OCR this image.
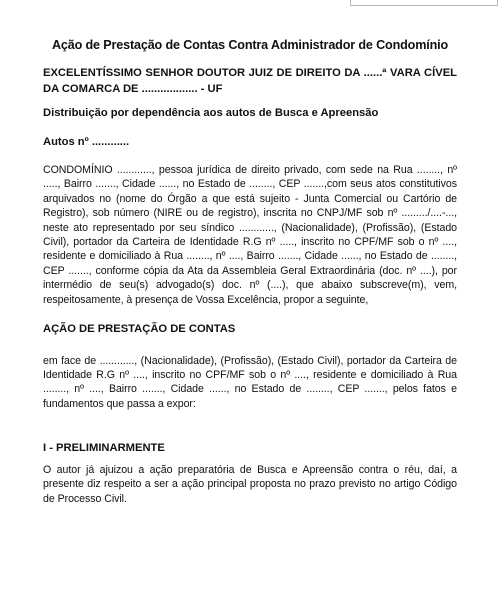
Ação de Prestação de Contas Contra Administrador de Condomínio
EXCELENTÍSSIMO SENHOR DOUTOR JUIZ DE DIREITO DA ......ª VARA CÍVEL DA COMARCA DE .................. - UF
Distribuição por dependência aos autos de Busca e Apreensão
Autos nº ............

CONDOMÍNIO ............, pessoa jurídica de direito privado, com sede na Rua ........, nº ....., Bairro ......., Cidade ......, no Estado de ........, CEP .......,com seus atos constitutivos arquivados no (nome do Órgão a que está sujeito - Junta Comercial ou Cartório de Registro), sob número (NIRE ou de registro), inscrita no CNPJ/MF sob nº ........./....-..., neste ato representado por seu síndico ............, (Nacionalidade), (Profissão), (Estado Civil), portador da Carteira de Identidade R.G nº ....., inscrito no CPF/MF sob o nº ...., residente e domiciliado à Rua ........, nº ...., Bairro ......., Cidade ......, no Estado de ........, CEP ......., conforme cópia da Ata da Assembleia Geral Extraordinária (doc. nº ....), por intermédio de seu(s) advogado(s) doc. nº (....), que abaixo subscreve(m), vem, respeitosamente, à presença de Vossa Excelência, propor a seguinte,

AÇÃO DE PRESTAÇÃO DE CONTAS

em face de ............, (Nacionalidade), (Profissão), (Estado Civil), portador da Carteira de Identidade R.G nº ...., inscrito no CPF/MF sob o nº ...., residente e domiciliado à Rua ........, nº ...., Bairro ......., Cidade ......, no Estado de ........, CEP ......., pelos fatos e fundamentos que passa a expor:

I - PRELIMINARMENTE

O autor já ajuizou a ação preparatória de Busca e Apreensão contra o réu, daí, a presente diz respeito a ser a ação principal proposta no prazo previsto no artigo Código de Processo Civil.
